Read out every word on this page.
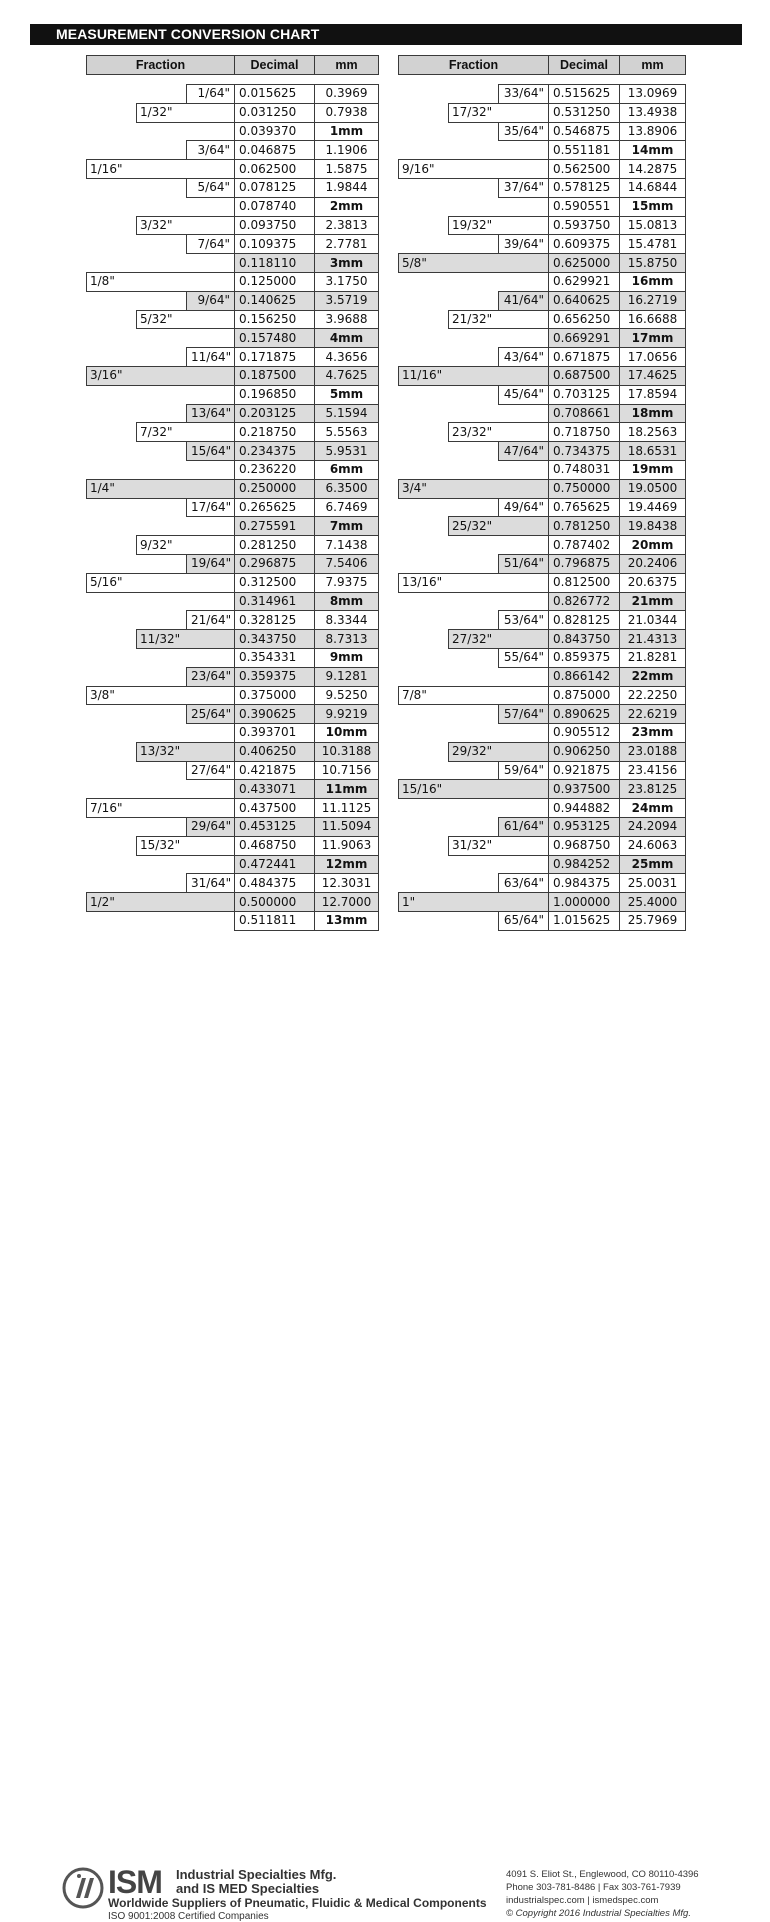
MEASUREMENT CONVERSION CHART
Fraction			Decimal	mm

		1/64"	0.015625	0.3969
	1/32"		0.031250	0.7938
			0.039370	1mm
		3/64"	0.046875	1.1906
1/16"			0.062500	1.5875
		5/64"	0.078125	1.9844
			0.078740	2mm
	3/32"		0.093750	2.3813
		7/64"	0.109375	2.7781
			0.118110	3mm
1/8"			0.125000	3.1750
		9/64"	0.140625	3.5719
	5/32"		0.156250	3.9688
			0.157480	4mm
		11/64"	0.171875	4.3656
3/16"			0.187500	4.7625
			0.196850	5mm
		13/64"	0.203125	5.1594
	7/32"		0.218750	5.5563
		15/64"	0.234375	5.9531
			0.236220	6mm
1/4"			0.250000	6.3500
		17/64"	0.265625	6.7469
			0.275591	7mm
	9/32"		0.281250	7.1438
		19/64"	0.296875	7.5406
5/16"			0.312500	7.9375
			0.314961	8mm
		21/64"	0.328125	8.3344
	11/32"		0.343750	8.7313
			0.354331	9mm
		23/64"	0.359375	9.1281
3/8"			0.375000	9.5250
		25/64"	0.390625	9.9219
			0.393701	10mm
	13/32"		0.406250	10.3188
		27/64"	0.421875	10.7156
			0.433071	11mm
7/16"			0.437500	11.1125
		29/64"	0.453125	11.5094
	15/32"		0.468750	11.9063
			0.472441	12mm
		31/64"	0.484375	12.3031
1/2"			0.500000	12.7000
			0.511811	13mm
Fraction			Decimal	mm

		33/64"	0.515625	13.0969
	17/32"		0.531250	13.4938
		35/64"	0.546875	13.8906
			0.551181	14mm
9/16"			0.562500	14.2875
		37/64"	0.578125	14.6844
			0.590551	15mm
	19/32"		0.593750	15.0813
		39/64"	0.609375	15.4781
5/8"			0.625000	15.8750
			0.629921	16mm
		41/64"	0.640625	16.2719
	21/32"		0.656250	16.6688
			0.669291	17mm
		43/64"	0.671875	17.0656
11/16"			0.687500	17.4625
		45/64"	0.703125	17.8594
			0.708661	18mm
	23/32"		0.718750	18.2563
		47/64"	0.734375	18.6531
			0.748031	19mm
3/4"			0.750000	19.0500
		49/64"	0.765625	19.4469
	25/32"		0.781250	19.8438
			0.787402	20mm
		51/64"	0.796875	20.2406
13/16"			0.812500	20.6375
			0.826772	21mm
		53/64"	0.828125	21.0344
	27/32"		0.843750	21.4313
		55/64"	0.859375	21.8281
			0.866142	22mm
7/8"			0.875000	22.2250
		57/64"	0.890625	22.6219
			0.905512	23mm
	29/32"		0.906250	23.0188
		59/64"	0.921875	23.4156
15/16"			0.937500	23.8125
			0.944882	24mm
		61/64"	0.953125	24.2094
	31/32"		0.968750	24.6063
			0.984252	25mm
		63/64"	0.984375	25.0031
1"			1.000000	25.4000
		65/64"	1.015625	25.7969
ISM Industrial Specialties Mfg.
and IS MED Specialties
Worldwide Suppliers of Pneumatic, Fluidic & Medical Components
ISO 9001:2008 Certified Companies
4091 S. Eliot St., Englewood, CO 80110-4396
Phone 303-781-8486 | Fax 303-761-7939
industrialspec.com | ismedspec.com
© Copyright 2016 Industrial Specialties Mfg.
